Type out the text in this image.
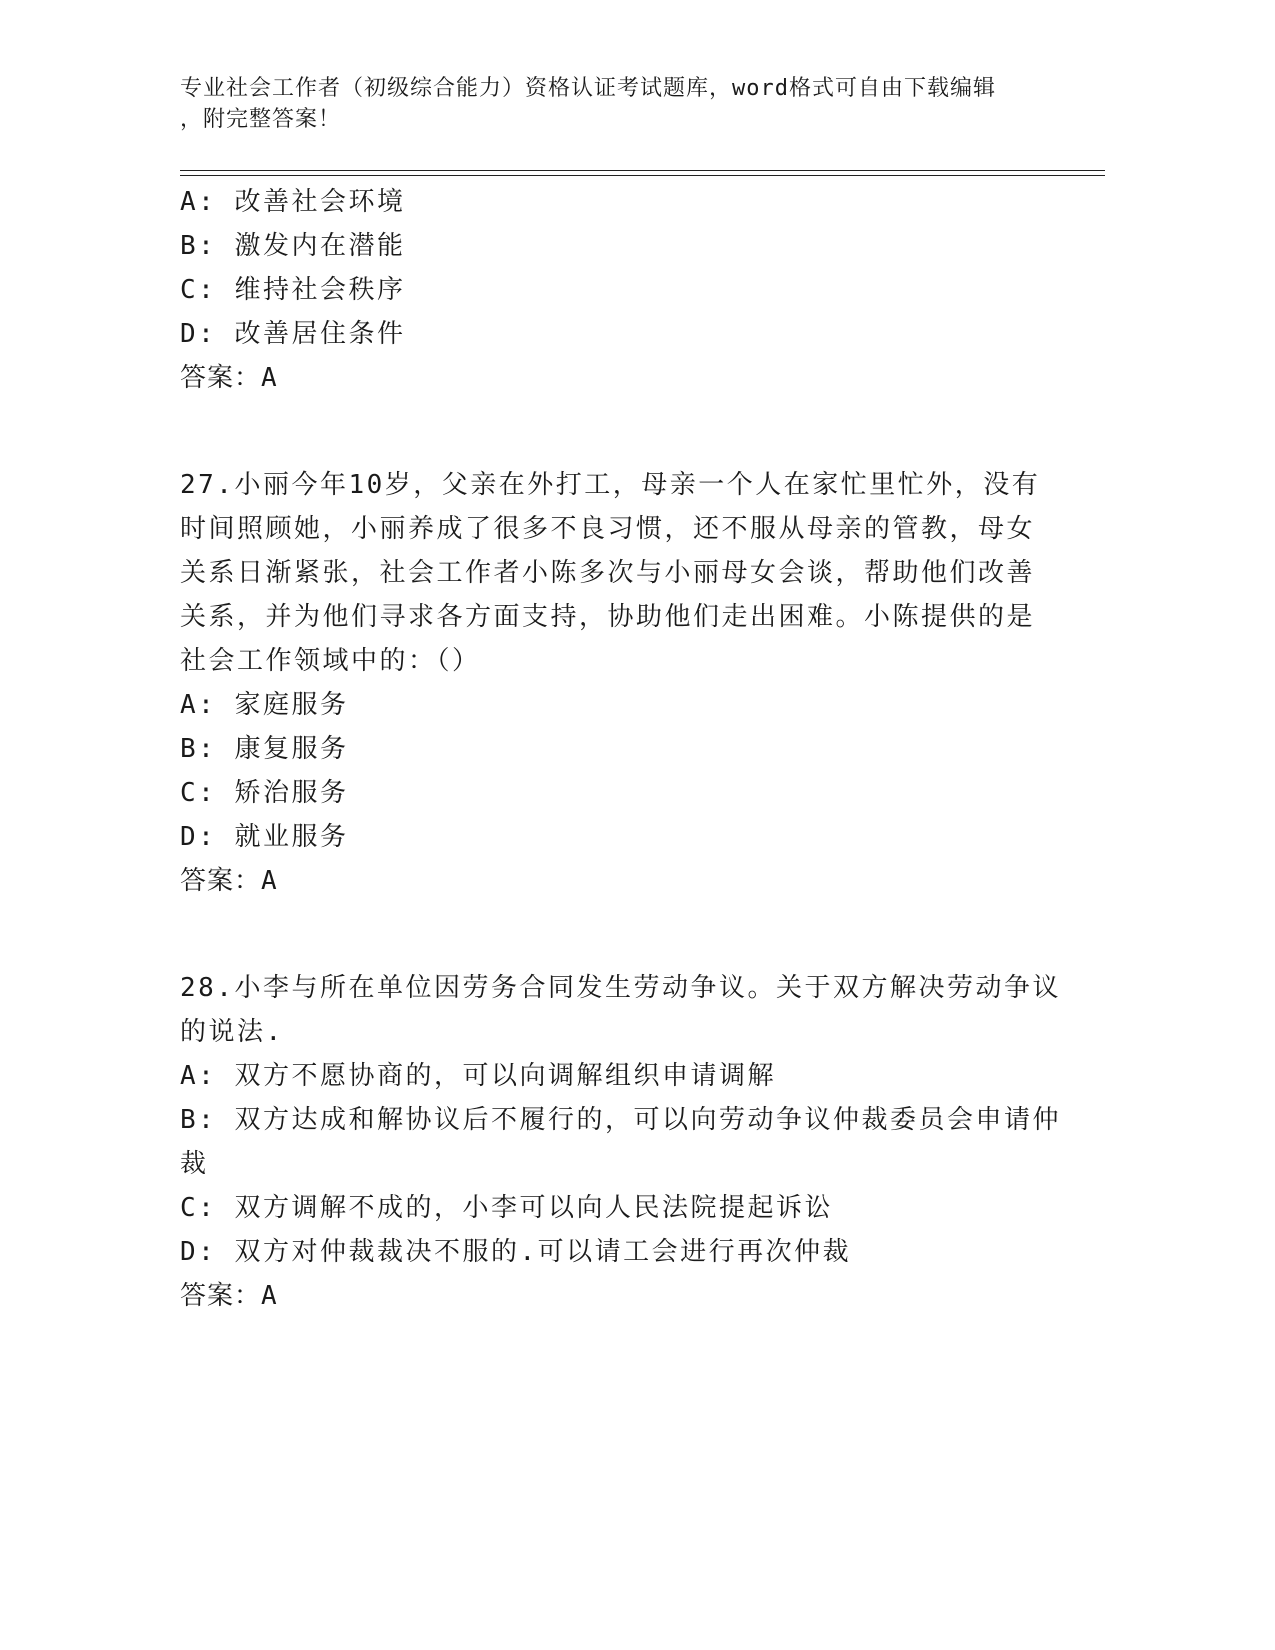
专业社会工作者（初级综合能力）资格认证考试题库，word格式可自由下载编辑
，附完整答案！
A: 改善社会环境
B: 激发内在潜能
C: 维持社会秩序
D: 改善居住条件
答案：A
27.小丽今年10岁，父亲在外打工，母亲一个人在家忙里忙外，没有
时间照顾她，小丽养成了很多不良习惯，还不服从母亲的管教，母女
关系日渐紧张，社会工作者小陈多次与小丽母女会谈，帮助他们改善
关系，并为他们寻求各方面支持，协助他们走出困难。小陈提供的是
社会工作领域中的：（）
A: 家庭服务
B: 康复服务
C: 矫治服务
D: 就业服务
答案：A
28.小李与所在单位因劳务合同发生劳动争议。关于双方解决劳动争议
的说法.
A: 双方不愿协商的，可以向调解组织申请调解
B: 双方达成和解协议后不履行的，可以向劳动争议仲裁委员会申请仲
裁
C: 双方调解不成的，小李可以向人民法院提起诉讼
D: 双方对仲裁裁决不服的.可以请工会进行再次仲裁
答案：A
